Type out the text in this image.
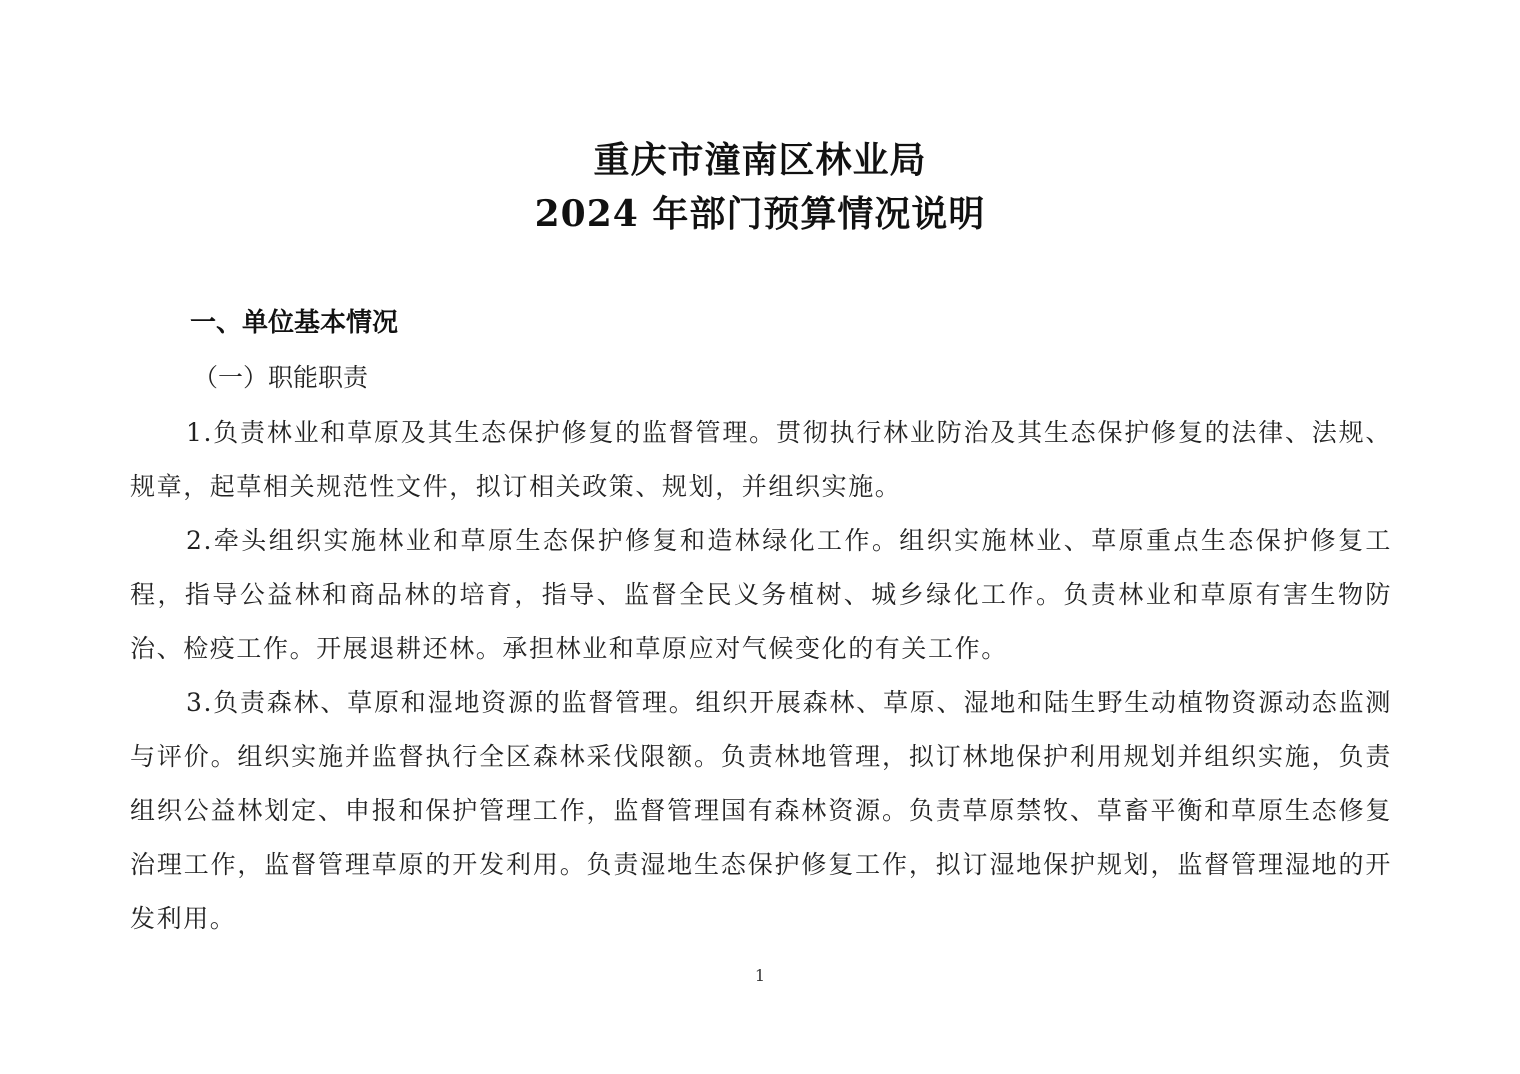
重庆市潼南区林业局
2024 年部门预算情况说明
一、单位基本情况
（一）职能职责

1.负责林业和草原及其生态保护修复的监督管理。贯彻执行林业防治及其生态保护修复的法律、法规、规章，起草相关规范性文件，拟订相关政策、规划，并组织实施。

2.牵头组织实施林业和草原生态保护修复和造林绿化工作。组织实施林业、草原重点生态保护修复工程，指导公益林和商品林的培育，指导、监督全民义务植树、城乡绿化工作。负责林业和草原有害生物防治、检疫工作。开展退耕还林。承担林业和草原应对气候变化的有关工作。

3.负责森林、草原和湿地资源的监督管理。组织开展森林、草原、湿地和陆生野生动植物资源动态监测与评价。组织实施并监督执行全区森林采伐限额。负责林地管理，拟订林地保护利用规划并组织实施，负责组织公益林划定、申报和保护管理工作，监督管理国有森林资源。负责草原禁牧、草畜平衡和草原生态修复治理工作，监督管理草原的开发利用。负责湿地生态保护修复工作，拟订湿地保护规划，监督管理湿地的开发利用。

1
